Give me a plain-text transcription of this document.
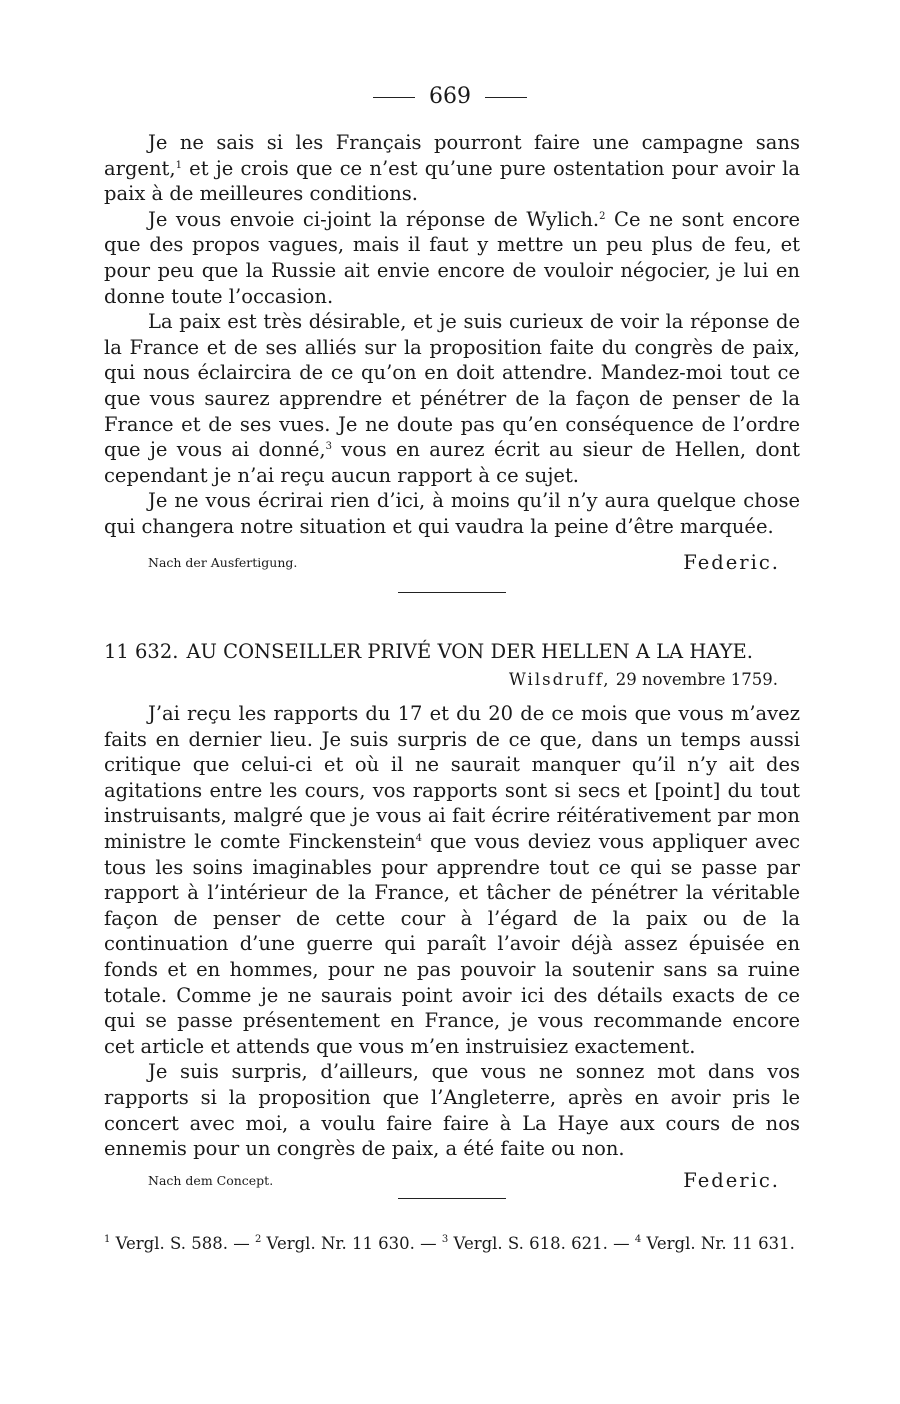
669

Je ne sais si les Français pourront faire une campagne sans argent,$^1$ et je crois que ce n’est qu’une pure ostentation pour avoir la paix à de meilleures conditions.

Je vous envoie ci-joint la réponse de Wylich.$^2$ Ce ne sont encore que des propos vagues, mais il faut y mettre un peu plus de feu, et pour peu que la Russie ait envie encore de vouloir négocier, je lui en donne toute l’occasion.

La paix est très désirable, et je suis curieux de voir la réponse de la France et de ses alliés sur la proposition faite du congrès de paix, qui nous éclaircira de ce qu’on en doit attendre. Mandez-moi tout ce que vous saurez apprendre et pénétrer de la façon de penser de la France et de ses vues. Je ne doute pas qu’en conséquence de l’ordre que je vous ai donné,$^3$ vous en aurez écrit au sieur de Hellen, dont cependant je n’ai reçu aucun rapport à ce sujet.

Je ne vous écrirai rien d’ici, à moins qu’il n’y aura quelque chose qui changera notre situation et qui vaudra la peine d’être marquée.

Nach der Ausfertigung.	Federic.
11 632. AU CONSEILLER PRIVÉ VON DER HELLEN A LA HAYE.
Wilsdruff, 29 novembre 1759.

J’ai reçu les rapports du 17 et du 20 de ce mois que vous m’avez faits en dernier lieu. Je suis surpris de ce que, dans un temps aussi critique que celui-ci et où il ne saurait manquer qu’il n’y ait des agitations entre les cours, vos rapports sont si secs et [point] du tout instruisants, malgré que je vous ai fait écrire réitérativement par mon ministre le comte Finckenstein$^4$ que vous deviez vous appliquer avec tous les soins imaginables pour apprendre tout ce qui se passe par rapport à l’intérieur de la France, et tâcher de pénétrer la véritable façon de penser de cette cour à l’égard de la paix ou de la continuation d’une guerre qui paraît l’avoir déjà assez épuisée en fonds et en hommes, pour ne pas pouvoir la soutenir sans sa ruine totale. Comme je ne saurais point avoir ici des détails exacts de ce qui se passe présentement en France, je vous recommande encore cet article et attends que vous m’en instruisiez exactement.

Je suis surpris, d’ailleurs, que vous ne sonnez mot dans vos rapports si la proposition que l’Angleterre, après en avoir pris le concert avec moi, a voulu faire faire à La Haye aux cours de nos ennemis pour un congrès de paix, a été faite ou non.

Nach dem Concept.	Federic.
$^1$ Vergl. S. 588. — $^2$ Vergl. Nr. 11 630. — $^3$ Vergl. S. 618. 621. — $^4$ Vergl. Nr. 11 631.
